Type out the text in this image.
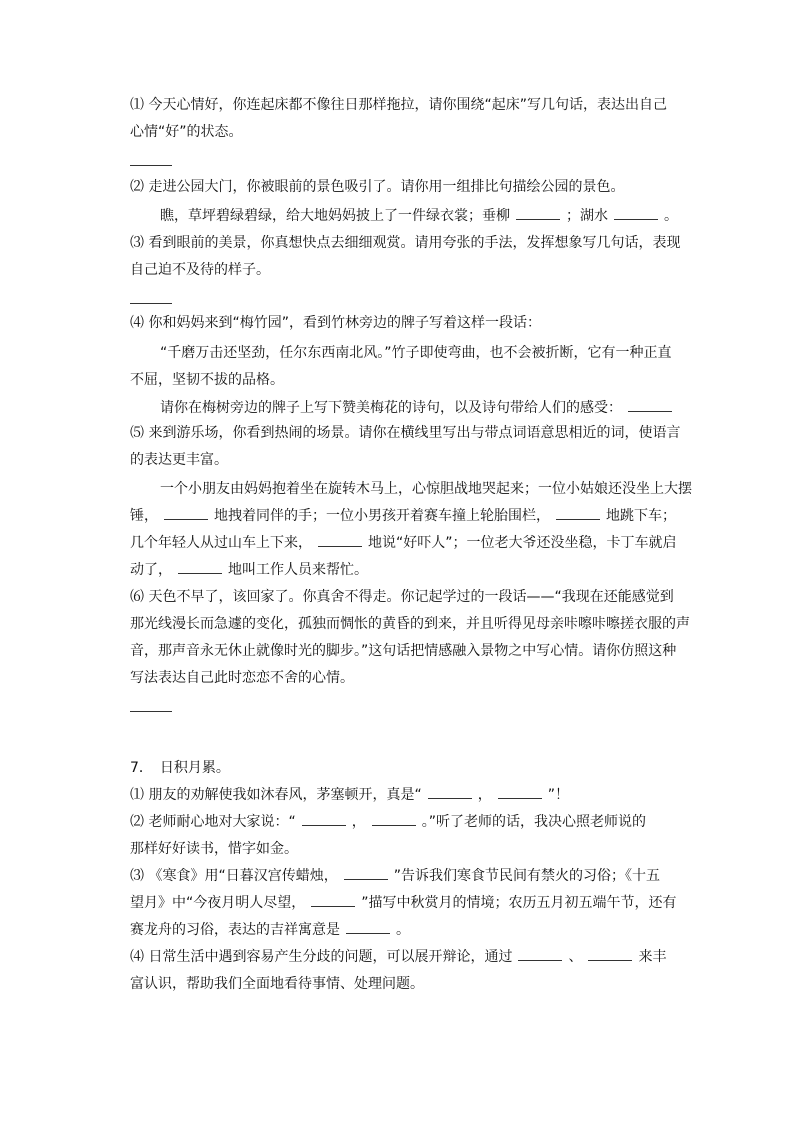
⑴ 今天心情好，你连起床都不像往日那样拖拉，请你围绕“起床”写几句话，表达出自己
心情“好”的状态。
⑵ 走进公园大门，你被眼前的景色吸引了。请你用一组排比句描绘公园的景色。
瞧，草坪碧绿碧绿，给大地妈妈披上了一件绿衣裳；垂柳	；湖水	。
⑶ 看到眼前的美景，你真想快点去细细观赏。请用夸张的手法，发挥想象写几句话，表现
自己迫不及待的样子。
⑷ 你和妈妈来到“梅竹园”，看到竹林旁边的牌子写着这样一段话：
“千磨万击还坚劲，任尔东西南北风。”竹子即使弯曲，也不会被折断，它有一种正直
不屈，坚韧不拔的品格。
请你在梅树旁边的牌子上写下赞美梅花的诗句，以及诗句带给人们的感受：
⑸ 来到游乐场，你看到热闹的场景。请你在横线里写出与带点词语意思相近的词，使语言
的表达更丰富。
一个小朋友由妈妈抱着坐在旋转木马上，心惊胆战地哭起来；一位小姑娘还没坐上大摆
锤，	地拽着同伴的手；一位小男孩开着赛车撞上轮胎围栏，	地跳下车；
几个年轻人从过山车上下来，	地说“好吓人”；一位老大爷还没坐稳，卡丁车就启
动了，	地叫工作人员来帮忙。
⑹ 天色不早了，该回家了。你真舍不得走。你记起学过的一段话——“我现在还能感觉到
那光线漫长而急遽的变化，孤独而惆怅的黄昏的到来，并且听得见母亲咔嚓咔嚓搓衣服的声
音，那声音永无休止就像时光的脚步。”这句话把情感融入景物之中写心情。请你仿照这种
写法表达自己此时恋恋不舍的心情。
7．　日积月累。
⑴ 朋友的劝解使我如沐春风，茅塞顿开，真是“	，	”！
⑵ 老师耐心地对大家说：“	，	。”听了老师的话，我决心照老师说的
那样好好读书，惜字如金。
⑶ 《寒食》用“日暮汉宫传蜡烛，	”告诉我们寒食节民间有禁火的习俗；《十五
望月》中“今夜月明人尽望，	”描写中秋赏月的情境；农历五月初五端午节，还有
赛龙舟的习俗，表达的吉祥寓意是	。
⑷ 日常生活中遇到容易产生分歧的问题，可以展开辩论，通过	、	来丰
富认识，帮助我们全面地看待事情、处理问题。
